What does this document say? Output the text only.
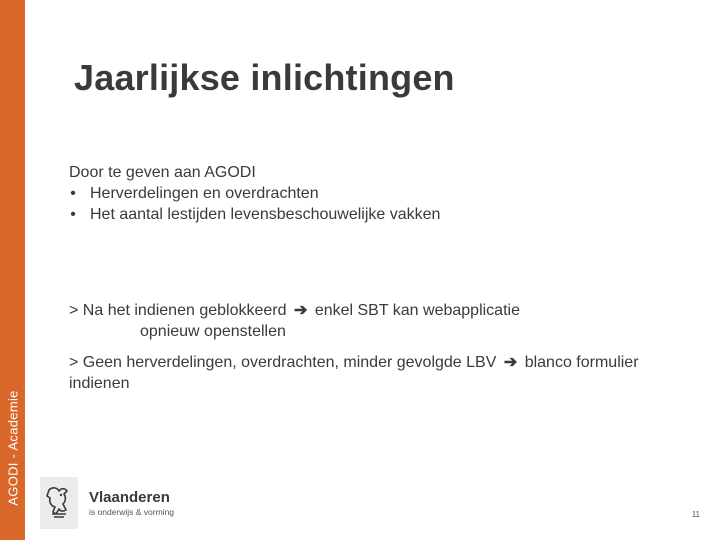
AGODI - Academie
Jaarlijkse inlichtingen
Door te geven aan AGODI
• Herverdelingen en overdrachten
• Het aantal lestijden levensbeschouwelijke vakken
> Na het indienen geblokkeerd ➔ enkel SBT kan webapplicatie
opnieuw openstellen
> Geen herverdelingen, overdrachten, minder gevolgde LBV ➔ blanco formulier indienen
Vlaanderen
is onderwijs & vorming	11
